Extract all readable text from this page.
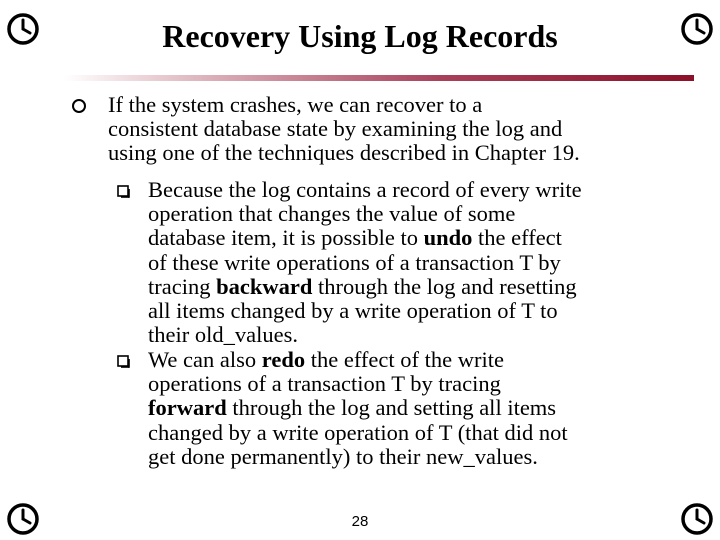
Recovery Using Log Records
If the system crashes, we can recover to a
consistent database state by examining the log and
using one of the techniques described in Chapter 19.
Because the log contains a record of every write
operation that changes the value of some
database item, it is possible to undo the effect
of these write operations of a transaction T by
tracing backward through the log and resetting
all items changed by a write operation of T to
their old_values.
We can also redo the effect of the write
operations of a transaction T by tracing
forward through the log and setting all items
changed by a write operation of T (that did not
get done permanently) to their new_values.
28
